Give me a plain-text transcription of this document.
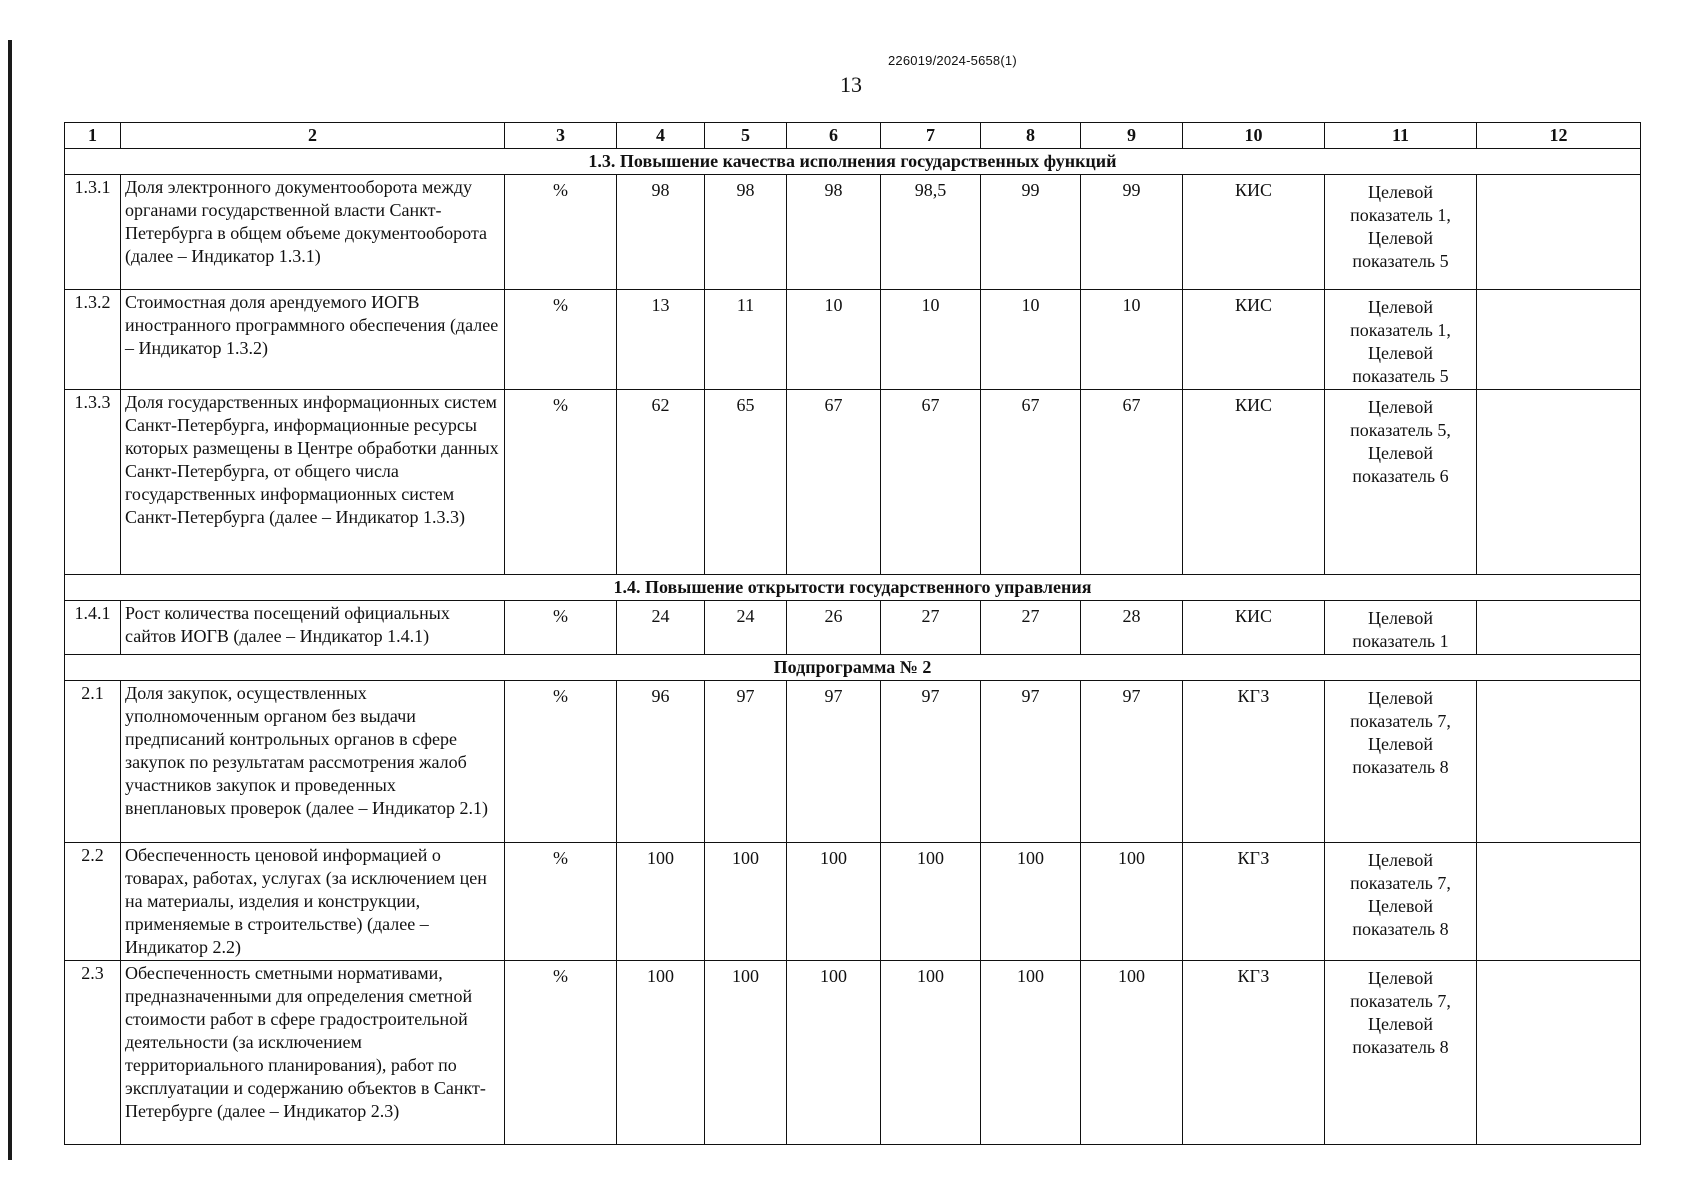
226019/2024-5658(1)
13
1	2	3	4	5	6	7	8	9	10	11	12
1.3. Повышение качества исполнения государственных функций											
1.3.1	Доля электронного документооборота между органами государственной власти Санкт-Петербурга в общем объеме документооборота (далее – Индикатор 1.3.1)	%	98	98	98	98,5	99	99	КИС	Целевой показатель 1, Целевой показатель 5	
1.3.2	Стоимостная доля арендуемого ИОГВ иностранного программного обеспечения (далее – Индикатор 1.3.2)	%	13	11	10	10	10	10	КИС	Целевой показатель 1, Целевой показатель 5	
1.3.3	Доля государственных информационных систем Санкт-Петербурга, информационные ресурсы которых размещены в Центре обработки данных Санкт-Петербурга, от общего числа государственных информационных систем Санкт-Петербурга (далее – Индикатор 1.3.3)	%	62	65	67	67	67	67	КИС	Целевой показатель 5, Целевой показатель 6	
1.4. Повышение открытости государственного управления											
1.4.1	Рост количества посещений официальных сайтов ИОГВ (далее – Индикатор 1.4.1)	%	24	24	26	27	27	28	КИС	Целевой показатель 1	
Подпрограмма № 2											
2.1	Доля закупок, осуществленных уполномоченным органом без выдачи предписаний контрольных органов в сфере закупок по результатам рассмотрения жалоб участников закупок и проведенных внеплановых проверок (далее – Индикатор 2.1)	%	96	97	97	97	97	97	КГЗ	Целевой показатель 7, Целевой показатель 8	
2.2	Обеспеченность ценовой информацией о товарах, работах, услугах (за исключением цен на материалы, изделия и конструкции, применяемые в строительстве) (далее – Индикатор 2.2)	%	100	100	100	100	100	100	КГЗ	Целевой показатель 7, Целевой показатель 8	
2.3	Обеспеченность сметными нормативами, предназначенными для определения сметной стоимости работ в сфере градостроительной деятельности (за исключением территориального планирования), работ по эксплуатации и содержанию объектов в Санкт-Петербурге (далее – Индикатор 2.3)	%	100	100	100	100	100	100	КГЗ	Целевой показатель 7, Целевой показатель 8	
